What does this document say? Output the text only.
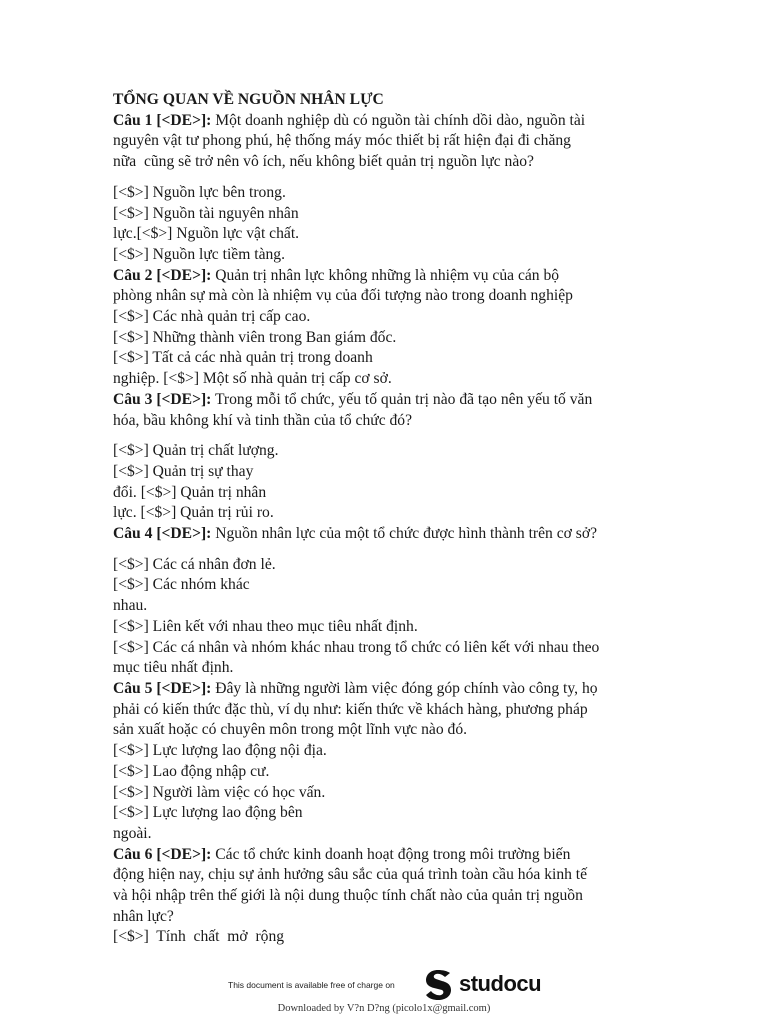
TỔNG QUAN VỀ NGUỒN NHÂN LỰC
Câu 1 [<DE>]: Một doanh nghiệp dù có nguồn tài chính dồi dào, nguồn tài
nguyên vật tư phong phú, hệ thống máy móc thiết bị rất hiện đại đi chăng
nữa  cũng sẽ trở nên vô ích, nếu không biết quản trị nguồn lực nào?
[<$>] Nguồn lực bên trong.
[<$>] Nguồn tài nguyên nhân
lực.[<$>] Nguồn lực vật chất.
[<$>] Nguồn lực tiềm tàng.
Câu 2 [<DE>]: Quản trị nhân lực không những là nhiệm vụ của cán bộ
phòng nhân sự mà còn là nhiệm vụ của đối tượng nào trong doanh nghiệp
[<$>] Các nhà quản trị cấp cao.
[<$>] Những thành viên trong Ban giám đốc.
[<$>] Tất cả các nhà quản trị trong doanh
nghiệp. [<$>] Một số nhà quản trị cấp cơ sở.
Câu 3 [<DE>]: Trong mỗi tổ chức, yếu tố quản trị nào đã tạo nên yếu tố văn
hóa, bầu không khí và tinh thần của tổ chức đó?
[<$>] Quản trị chất lượng.
[<$>] Quản trị sự thay
đổi. [<$>] Quản trị nhân
lực. [<$>] Quản trị rủi ro.
Câu 4 [<DE>]: Nguồn nhân lực của một tổ chức được hình thành trên cơ sở?
[<$>] Các cá nhân đơn lẻ.
[<$>] Các nhóm khác
nhau.
[<$>] Liên kết với nhau theo mục tiêu nhất định.
[<$>] Các cá nhân và nhóm khác nhau trong tổ chức có liên kết với nhau theo
mục tiêu nhất định.
Câu 5 [<DE>]: Đây là những người làm việc đóng góp chính vào công ty, họ
phải có kiến thức đặc thù, ví dụ như: kiến thức về khách hàng, phương pháp
sản xuất hoặc có chuyên môn trong một lĩnh vực nào đó.
[<$>] Lực lượng lao động nội địa.
[<$>] Lao động nhập cư.
[<$>] Người làm việc có học vấn.
[<$>] Lực lượng lao động bên
ngoài.
Câu 6 [<DE>]: Các tổ chức kinh doanh hoạt động trong môi trường biến
động hiện nay, chịu sự ảnh hưởng sâu sắc của quá trình toàn cầu hóa kinh tế
và hội nhập trên thế giới là nội dung thuộc tính chất nào của quản trị nguồn
nhân lực?
[<$>]  Tính  chất  mở  rộng
This document is available free of charge on	studocu
Downloaded by V?n D?ng (picolo1x@gmail.com)
